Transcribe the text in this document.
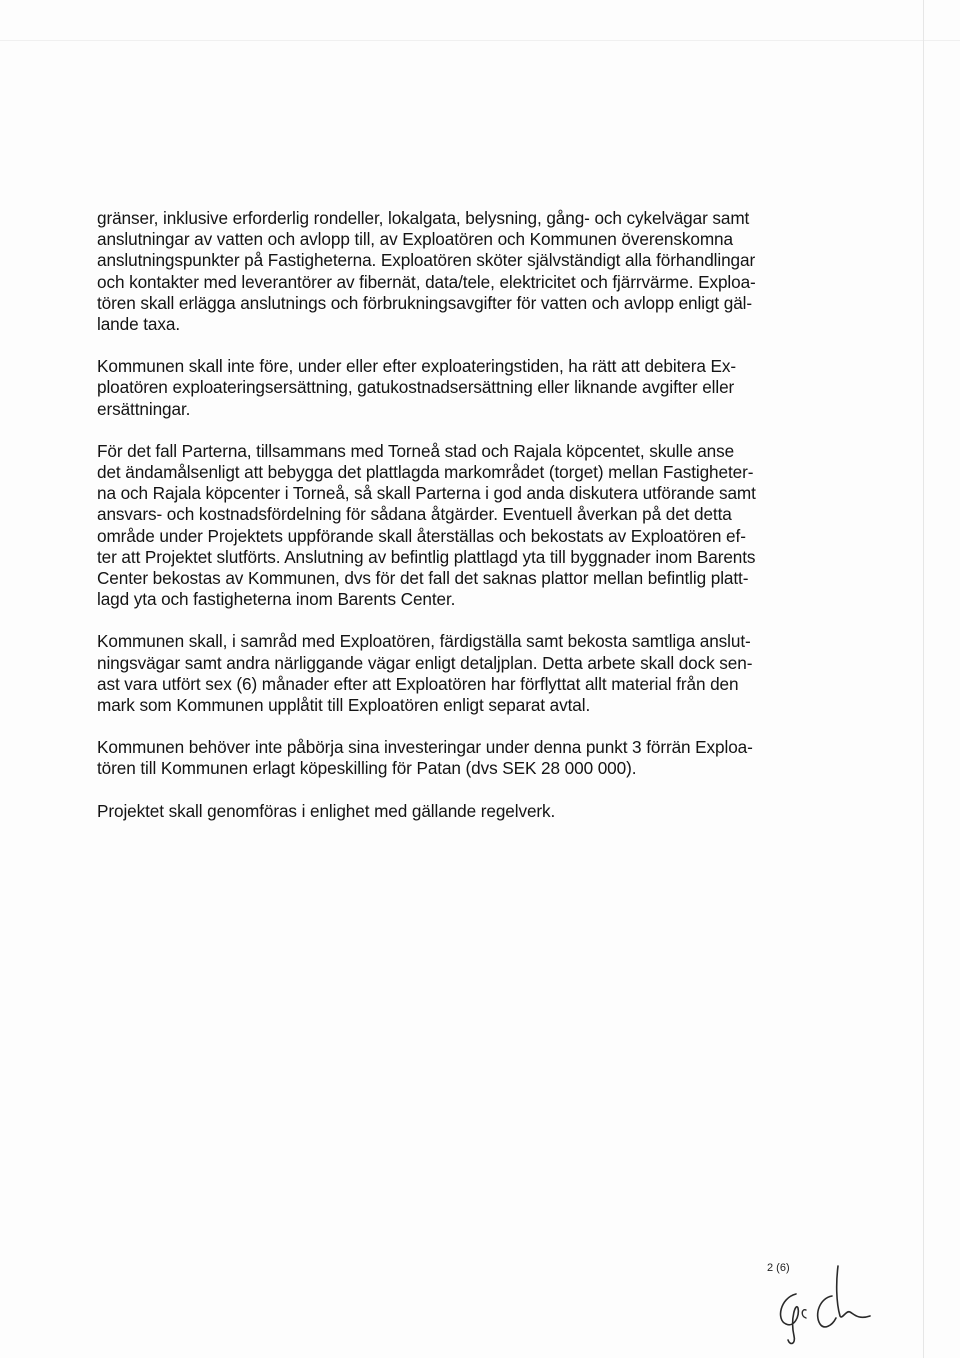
gränser, inklusive erforderlig rondeller, lokalgata, belysning, gång- och cykelvägar samt
anslutningar av vatten och avlopp till, av Exploatören och Kommunen överenskomna
anslutningspunkter på Fastigheterna. Exploatören sköter självständigt alla förhandlingar
och kontakter med leverantörer av fibernät, data/tele, elektricitet och fjärrvärme. Exploa-
tören skall erlägga anslutnings och förbrukningsavgifter för vatten och avlopp enligt gäl-
lande taxa.

Kommunen skall inte före, under eller efter exploateringstiden, ha rätt att debitera Ex-
ploatören exploateringsersättning, gatukostnadsersättning eller liknande avgifter eller
ersättningar.

För det fall Parterna, tillsammans med Torneå stad och Rajala köpcentet, skulle anse
det ändamålsenligt att bebygga det plattlagda markområdet (torget) mellan Fastigheter-
na och Rajala köpcenter i Torneå, så skall Parterna i god anda diskutera utförande samt
ansvars- och kostnadsfördelning för sådana åtgärder. Eventuell åverkan på det detta
område under Projektets uppförande skall återställas och bekostats av Exploatören ef-
ter att Projektet slutförts. Anslutning av befintlig plattlagd yta till byggnader inom Barents
Center bekostas av Kommunen, dvs för det fall det saknas plattor mellan befintlig platt-
lagd yta och fastigheterna inom Barents Center.

Kommunen skall, i samråd med Exploatören, färdigställa samt bekosta samtliga anslut-
ningsvägar samt andra närliggande vägar enligt detaljplan. Detta arbete skall dock sen-
ast vara utfört sex (6) månader efter att Exploatören har förflyttat allt material från den
mark som Kommunen upplåtit till Exploatören enligt separat avtal.

Kommunen behöver inte påbörja sina investeringar under denna punkt 3 förrän Exploa-
tören till Kommunen erlagt köpeskilling för Patan (dvs SEK 28 000 000).

Projektet skall genomföras i enlighet med gällande regelverk.

2 (6)
